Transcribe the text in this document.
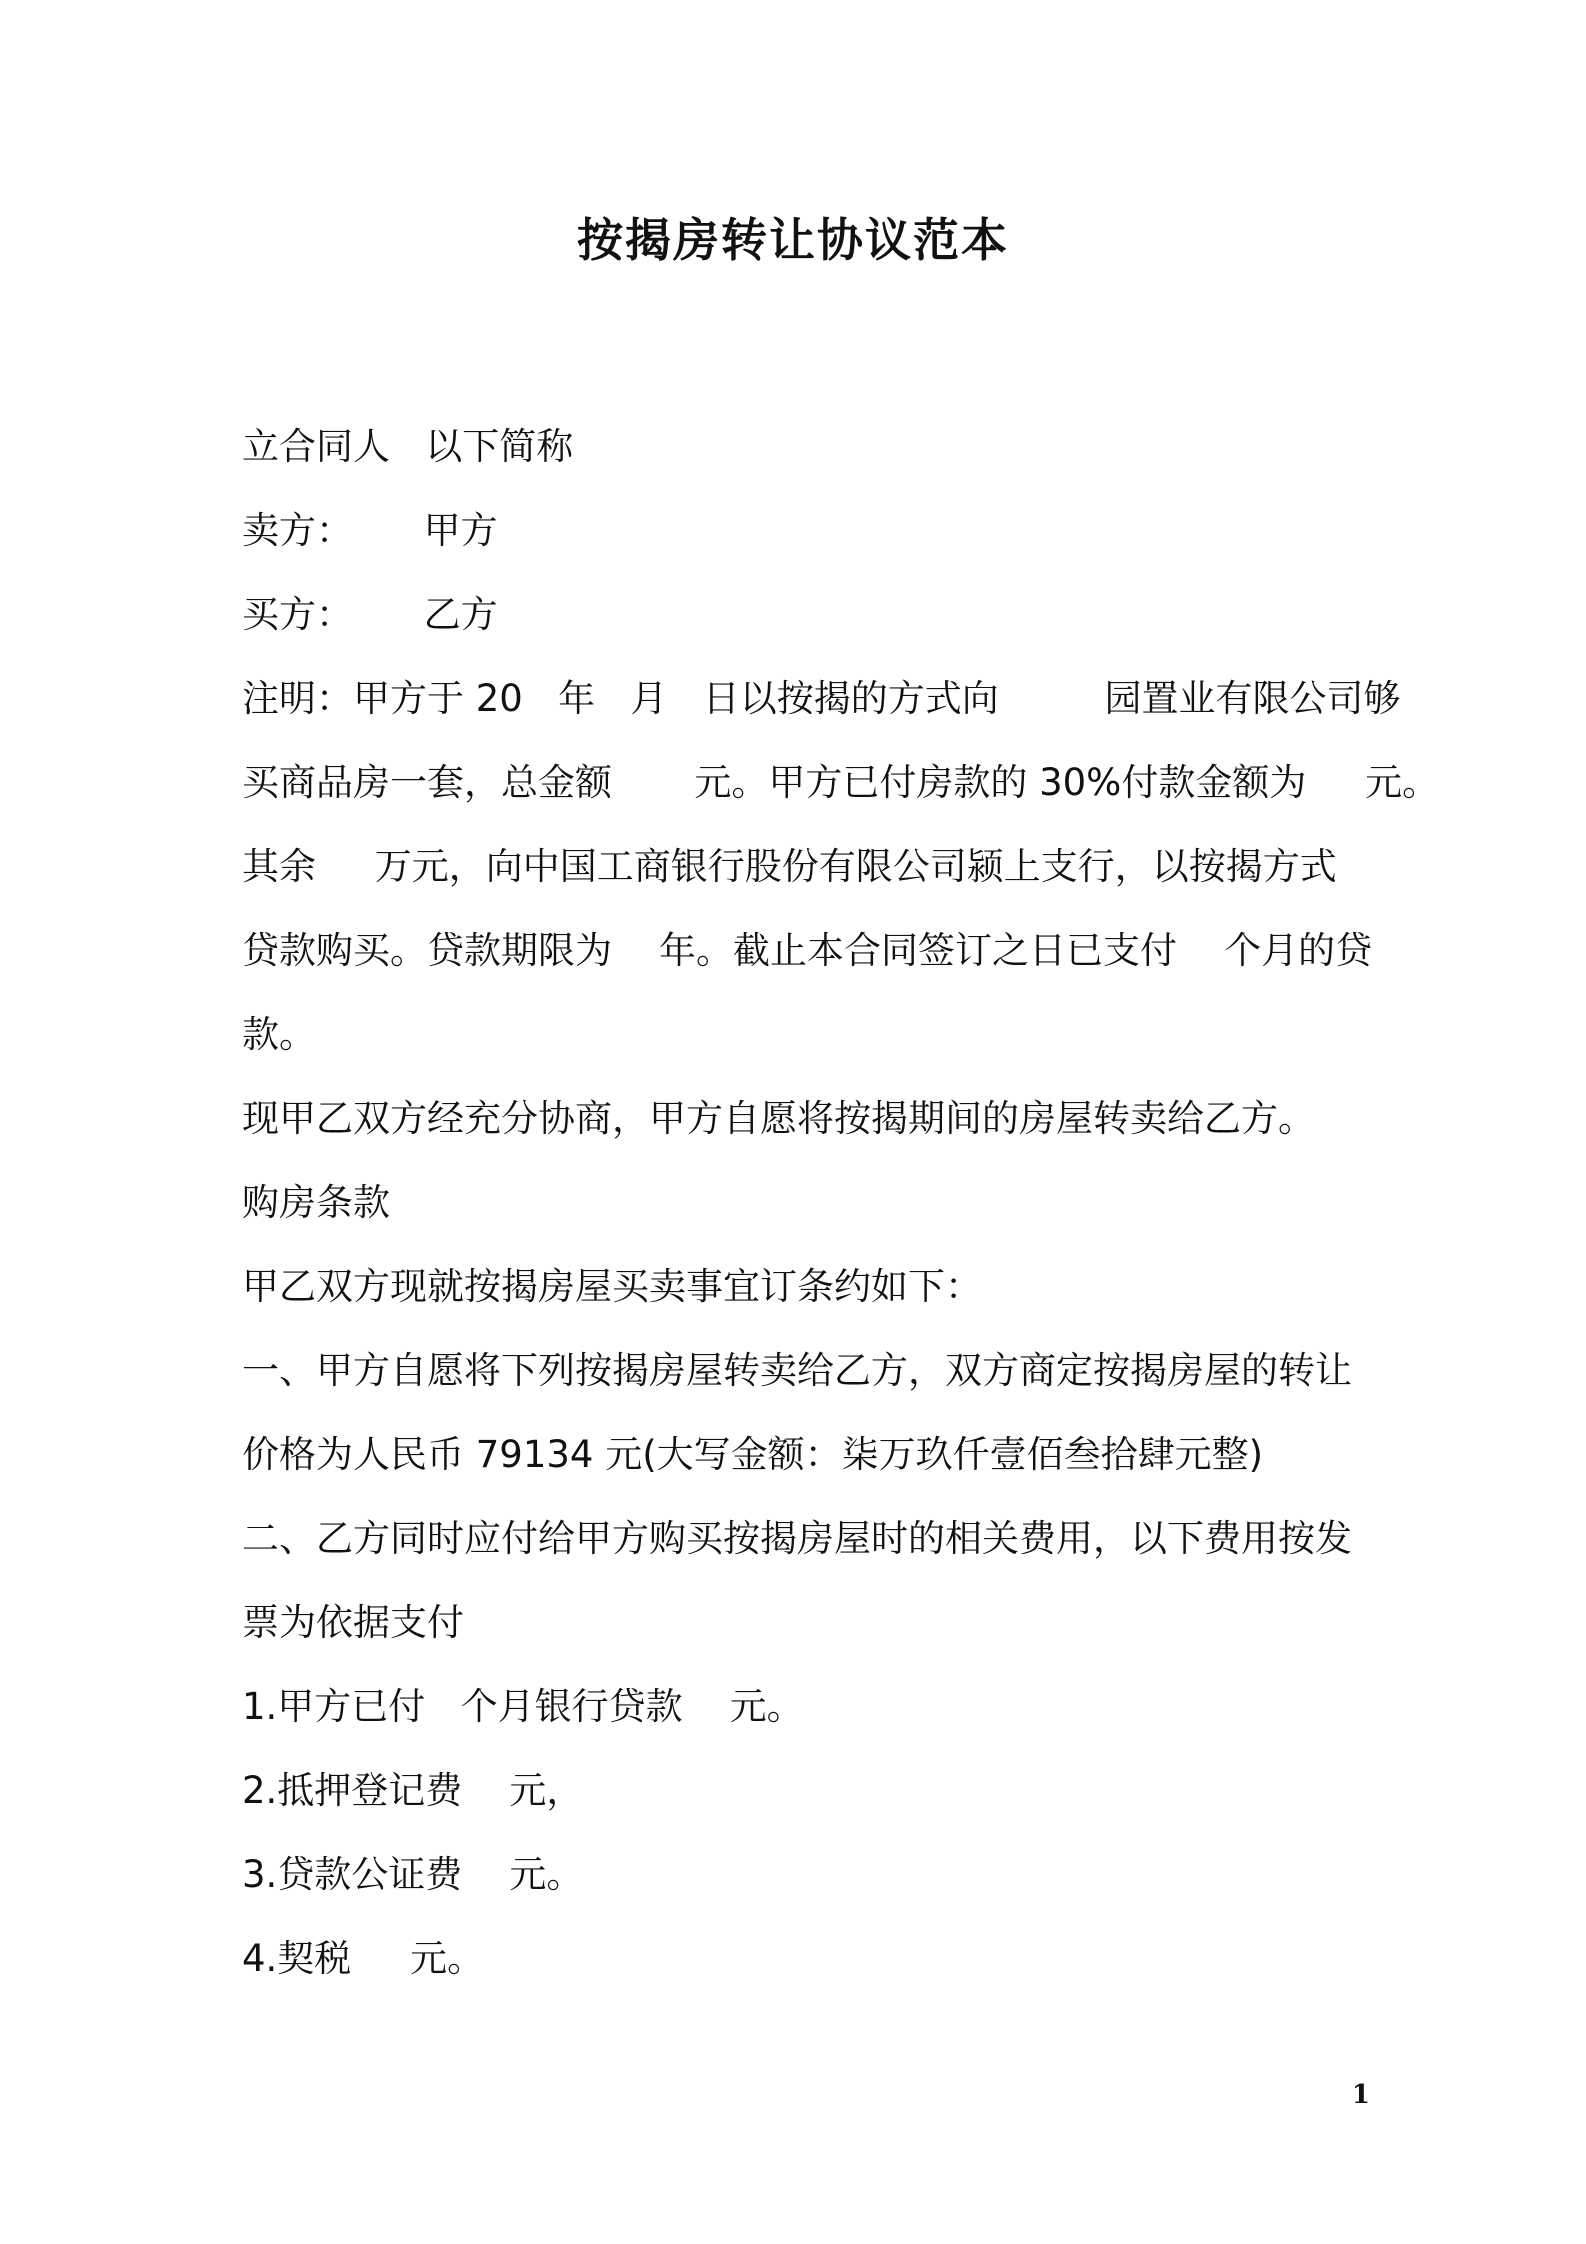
按揭房转让协议范本

立合同人   以下简称

卖方：      甲方

买方：      乙方

注明：甲方于 20   年   月   日以按揭的方式向         园置业有限公司够

买商品房一套，总金额       元。甲方已付房款的 30%付款金额为     元。

其余     万元，向中国工商银行股份有限公司颍上支行，以按揭方式

贷款购买。贷款期限为    年。截止本合同签订之日已支付    个月的贷

款。

现甲乙双方经充分协商，甲方自愿将按揭期间的房屋转卖给乙方。

购房条款

甲乙双方现就按揭房屋买卖事宜订条约如下：

一、甲方自愿将下列按揭房屋转卖给乙方，双方商定按揭房屋的转让

价格为人民币 79134 元(大写金额：柒万玖仟壹佰叁拾肆元整)

二、乙方同时应付给甲方购买按揭房屋时的相关费用，以下费用按发

票为依据支付

1.甲方已付   个月银行贷款    元。

2.抵押登记费    元，

3.贷款公证费    元。

4.契税     元。

1
